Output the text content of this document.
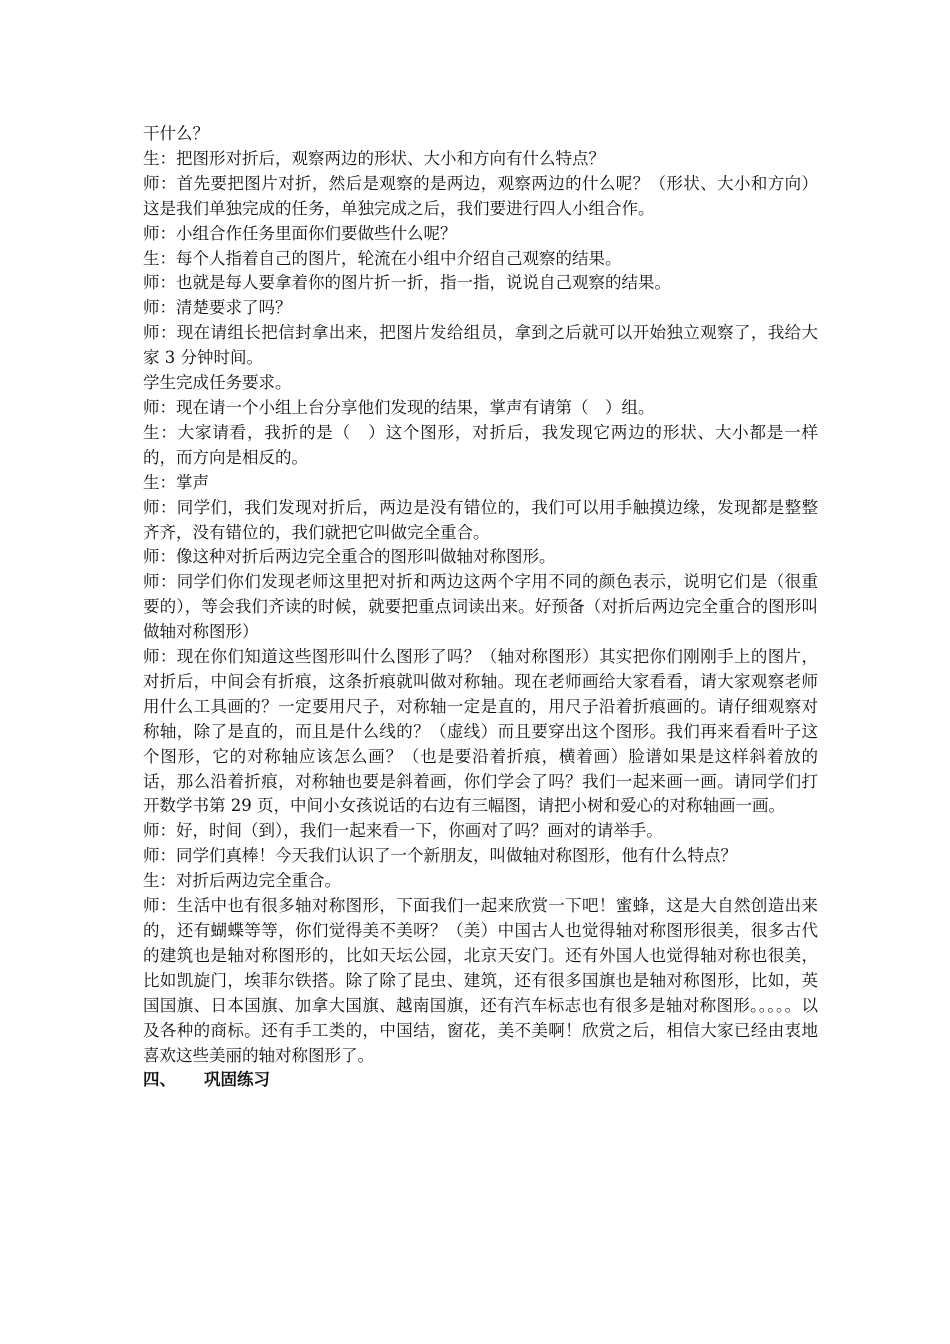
干什么？

生：把图形对折后，观察两边的形状、大小和方向有什么特点？

师：首先要把图片对折，然后是观察的是两边，观察两边的什么呢？（形状、大小和方向）这是我们单独完成的任务，单独完成之后，我们要进行四人小组合作。

师：小组合作任务里面你们要做些什么呢？

生：每个人指着自己的图片，轮流在小组中介绍自己观察的结果。

师：也就是每人要拿着你的图片折一折，指一指，说说自己观察的结果。

师：清楚要求了吗？

师：现在请组长把信封拿出来，把图片发给组员，拿到之后就可以开始独立观察了，我给大家 3 分钟时间。

学生完成任务要求。

师：现在请一个小组上台分享他们发现的结果，掌声有请第（　）组。

生：大家请看，我折的是（　）这个图形，对折后，我发现它两边的形状、大小都是一样的，而方向是相反的。

生：掌声

师：同学们，我们发现对折后，两边是没有错位的，我们可以用手触摸边缘，发现都是整整齐齐，没有错位的，我们就把它叫做完全重合。

师：像这种对折后两边完全重合的图形叫做轴对称图形。

师：同学们你们发现老师这里把对折和两边这两个字用不同的颜色表示，说明它们是（很重要的），等会我们齐读的时候，就要把重点词读出来。好预备（对折后两边完全重合的图形叫做轴对称图形）

师：现在你们知道这些图形叫什么图形了吗？（轴对称图形）其实把你们刚刚手上的图片，对折后，中间会有折痕，这条折痕就叫做对称轴。现在老师画给大家看看，请大家观察老师用什么工具画的？一定要用尺子，对称轴一定是直的，用尺子沿着折痕画的。请仔细观察对称轴，除了是直的，而且是什么线的？（虚线）而且要穿出这个图形。我们再来看看叶子这个图形，它的对称轴应该怎么画？（也是要沿着折痕，横着画）脸谱如果是这样斜着放的话，那么沿着折痕，对称轴也要是斜着画，你们学会了吗？我们一起来画一画。请同学们打开数学书第 29 页，中间小女孩说话的右边有三幅图，请把小树和爱心的对称轴画一画。

师：好，时间（到），我们一起来看一下，你画对了吗？画对的请举手。

师：同学们真棒！今天我们认识了一个新朋友，叫做轴对称图形，他有什么特点？

生：对折后两边完全重合。

师：生活中也有很多轴对称图形，下面我们一起来欣赏一下吧！蜜蜂，这是大自然创造出来的，还有蝴蝶等等，你们觉得美不美呀？（美）中国古人也觉得轴对称图形很美，很多古代的建筑也是轴对称图形的，比如天坛公园，北京天安门。还有外国人也觉得轴对称也很美，比如凯旋门，埃菲尔铁搭。除了除了昆虫、建筑，还有很多国旗也是轴对称图形，比如，英国国旗、日本国旗、加拿大国旗、越南国旗，还有汽车标志也有很多是轴对称图形。。。。。以及各种的商标。还有手工类的，中国结，窗花，美不美啊！欣赏之后，相信大家已经由衷地喜欢这些美丽的轴对称图形了。

四、 巩固练习
